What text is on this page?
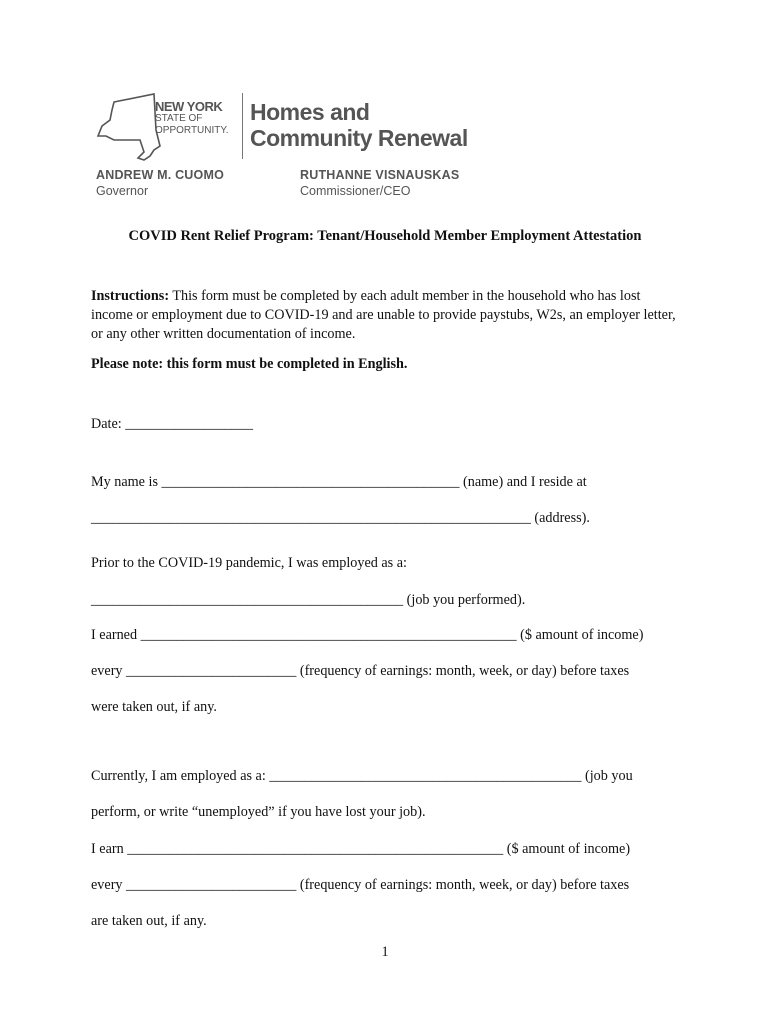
NEW YORK
STATE OF
OPPORTUNITY.
Homes and
Community Renewal
ANDREW M. CUOMO
Governor
RUTHANNE VISNAUSKAS
Commissioner/CEO
COVID Rent Relief Program: Tenant/Household Member Employment Attestation
Instructions: This form must be completed by each adult member in the household who has lost income or employment due to COVID-19 and are unable to provide paystubs, W2s, an employer letter, or any other written documentation of income.
Please note: this form must be completed in English.
Date: __________________
My name is __________________________________________ (name) and I reside at
______________________________________________________________ (address).
Prior to the COVID-19 pandemic, I was employed as a:
____________________________________________ (job you performed).
I earned _____________________________________________________ ($ amount of income)
every ________________________ (frequency of earnings: month, week, or day) before taxes
were taken out, if any.
Currently, I am employed as a: ____________________________________________ (job you
perform, or write “unemployed” if you have lost your job).
I earn _____________________________________________________ ($ amount of income)
every ________________________ (frequency of earnings: month, week, or day) before taxes
are taken out, if any.
1
